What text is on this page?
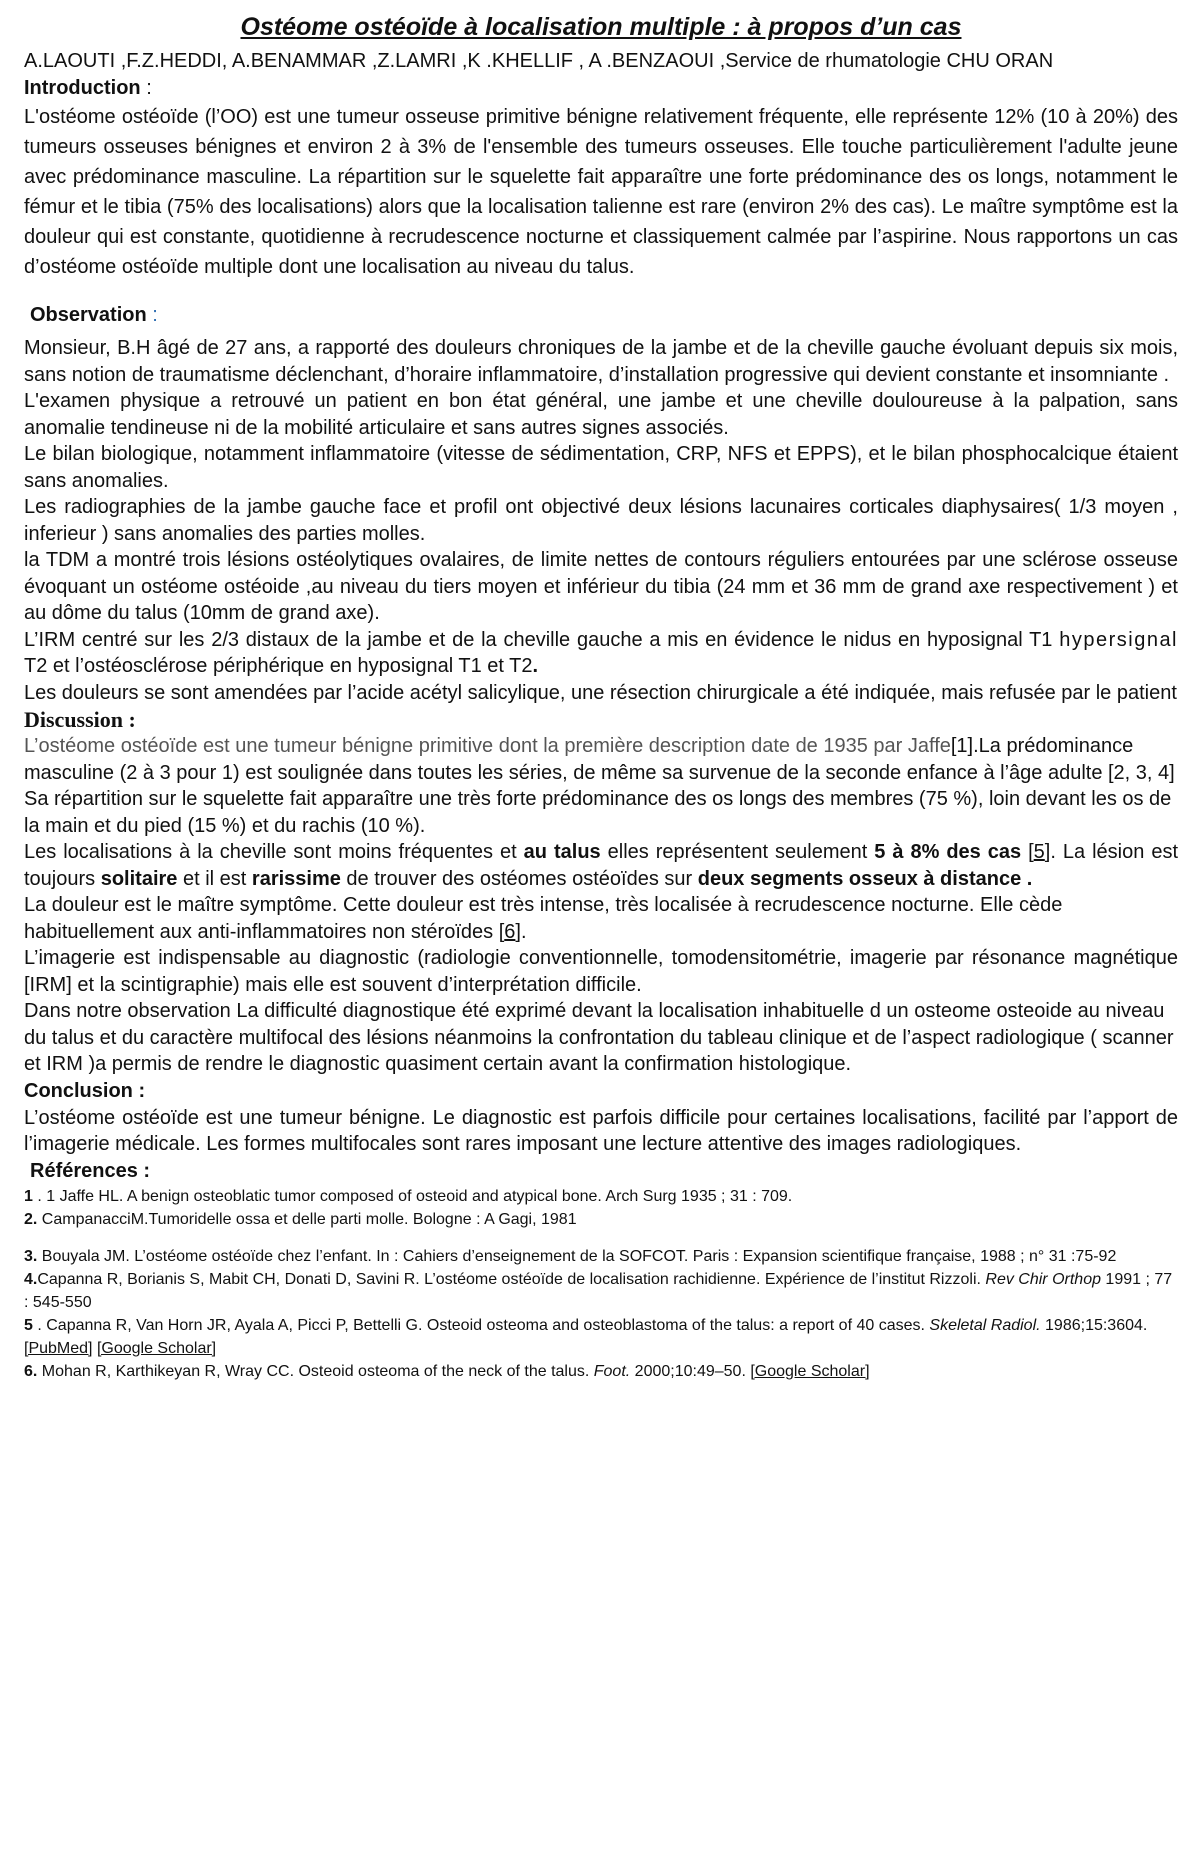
Ostéome ostéoïde à localisation multiple : à propos d’un cas

A.LAOUTI ,F.Z.HEDDI, A.BENAMMAR ,Z.LAMRI ,K .KHELLIF , A .BENZAOUI ,Service de rhumatologie CHU ORAN

Introduction :

L'ostéome ostéoïde (l’OO) est une tumeur osseuse primitive bénigne relativement fréquente, elle représente 12% (10 à 20%) des tumeurs osseuses bénignes et environ 2 à 3% de l'ensemble des tumeurs osseuses. Elle touche particulièrement l'adulte jeune avec prédominance masculine. La répartition sur le squelette fait apparaître une forte prédominance des os longs, notamment le fémur et le tibia (75% des localisations) alors que la localisation talienne est rare (environ 2% des cas). Le maître symptôme est la douleur qui est constante, quotidienne à recrudescence nocturne et classiquement calmée par l’aspirine. Nous rapportons un cas d’ostéome ostéoïde multiple dont une localisation au niveau du talus.

Observation :

Monsieur, B.H âgé de 27 ans, a rapporté des douleurs chroniques de la jambe et de la cheville gauche évoluant depuis six mois, sans notion de traumatisme déclenchant, d’horaire inflammatoire, d’installation progressive qui devient constante et insomniante .

L'examen physique a retrouvé un patient en bon état général, une jambe et une cheville douloureuse à la palpation, sans anomalie tendineuse ni de la mobilité articulaire et sans autres signes associés.

Le bilan biologique, notamment inflammatoire (vitesse de sédimentation, CRP, NFS et EPPS), et le bilan phosphocalcique étaient sans anomalies.

Les radiographies de la jambe gauche face et profil ont objectivé deux lésions lacunaires corticales diaphysaires( 1/3 moyen , inferieur ) sans anomalies des parties molles.

la TDM a montré trois lésions ostéolytiques ovalaires, de limite nettes de contours réguliers entourées par une sclérose osseuse évoquant un ostéome ostéoide ,au niveau du tiers moyen et inférieur du tibia (24 mm et 36 mm de grand axe respectivement ) et au dôme du talus (10mm de grand axe).

L’IRM centré sur les 2/3 distaux de la jambe et de la cheville gauche a mis en évidence le nidus en hyposignal T1 hypersignal T2 et l’ostéosclérose périphérique en hyposignal T1 et T2.

Les douleurs se sont amendées par l’acide acétyl salicylique, une résection chirurgicale a été indiquée, mais refusée par le patient

Discussion :

L’ostéome ostéoïde est une tumeur bénigne primitive dont la première description date de 1935 par Jaffe[1].La prédominance masculine (2 à 3 pour 1) est soulignée dans toutes les séries, de même sa survenue de la seconde enfance à l’âge adulte [2, 3, 4]

Sa répartition sur le squelette fait apparaître une très forte prédominance des os longs des membres (75 %), loin devant les os de la main et du pied (15 %) et du rachis (10 %).

Les localisations à la cheville sont moins fréquentes et au talus elles représentent seulement 5 à 8% des cas [5]. La lésion est toujours solitaire et il est rarissime de trouver des ostéomes ostéoïdes sur deux segments osseux à distance .

La douleur est le maître symptôme. Cette douleur est très intense, très localisée à recrudescence nocturne. Elle cède habituellement aux anti-inflammatoires non stéroïdes [6].

L’imagerie est indispensable au diagnostic (radiologie conventionnelle, tomodensitométrie, imagerie par résonance magnétique [IRM] et la scintigraphie) mais elle est souvent d’interprétation difficile.

Dans notre observation La difficulté diagnostique été exprimé devant la localisation inhabituelle d un osteome osteoide au niveau du talus et du caractère multifocal des lésions néanmoins la confrontation du tableau clinique et de l’aspect radiologique ( scanner et IRM )a permis de rendre le diagnostic quasiment certain avant la confirmation histologique.

Conclusion :

L’ostéome ostéoïde est une tumeur bénigne. Le diagnostic est parfois difficile pour certaines localisations, facilité par l’apport de l’imagerie médicale. Les formes multifocales sont rares imposant une lecture attentive des images radiologiques.

Références :

1 . 1 Jaffe HL. A benign osteoblatic tumor composed of osteoid and atypical bone. Arch Surg 1935 ; 31 : 709.

2. CampanacciM.Tumoridelle ossa et delle parti molle. Bologne : A Gagi, 1981

3. Bouyala JM. L’ostéome ostéoïde chez l’enfant. In : Cahiers d’enseignement de la SOFCOT. Paris : Expansion scientifique française, 1988 ; n° 31 :75-92

4.Capanna R, Borianis S, Mabit CH, Donati D, Savini R. L’ostéome ostéoïde de localisation rachidienne. Expérience de l’institut Rizzoli. Rev Chir Orthop 1991 ; 77 : 545-550

5 . Capanna R, Van Horn JR, Ayala A, Picci P, Bettelli G. Osteoid osteoma and osteoblastoma of the talus: a report of 40 cases. Skeletal Radiol. 1986;15:3604. [PubMed] [Google Scholar]

6. Mohan R, Karthikeyan R, Wray CC. Osteoid osteoma of the neck of the talus. Foot. 2000;10:49–50. [Google Scholar]
